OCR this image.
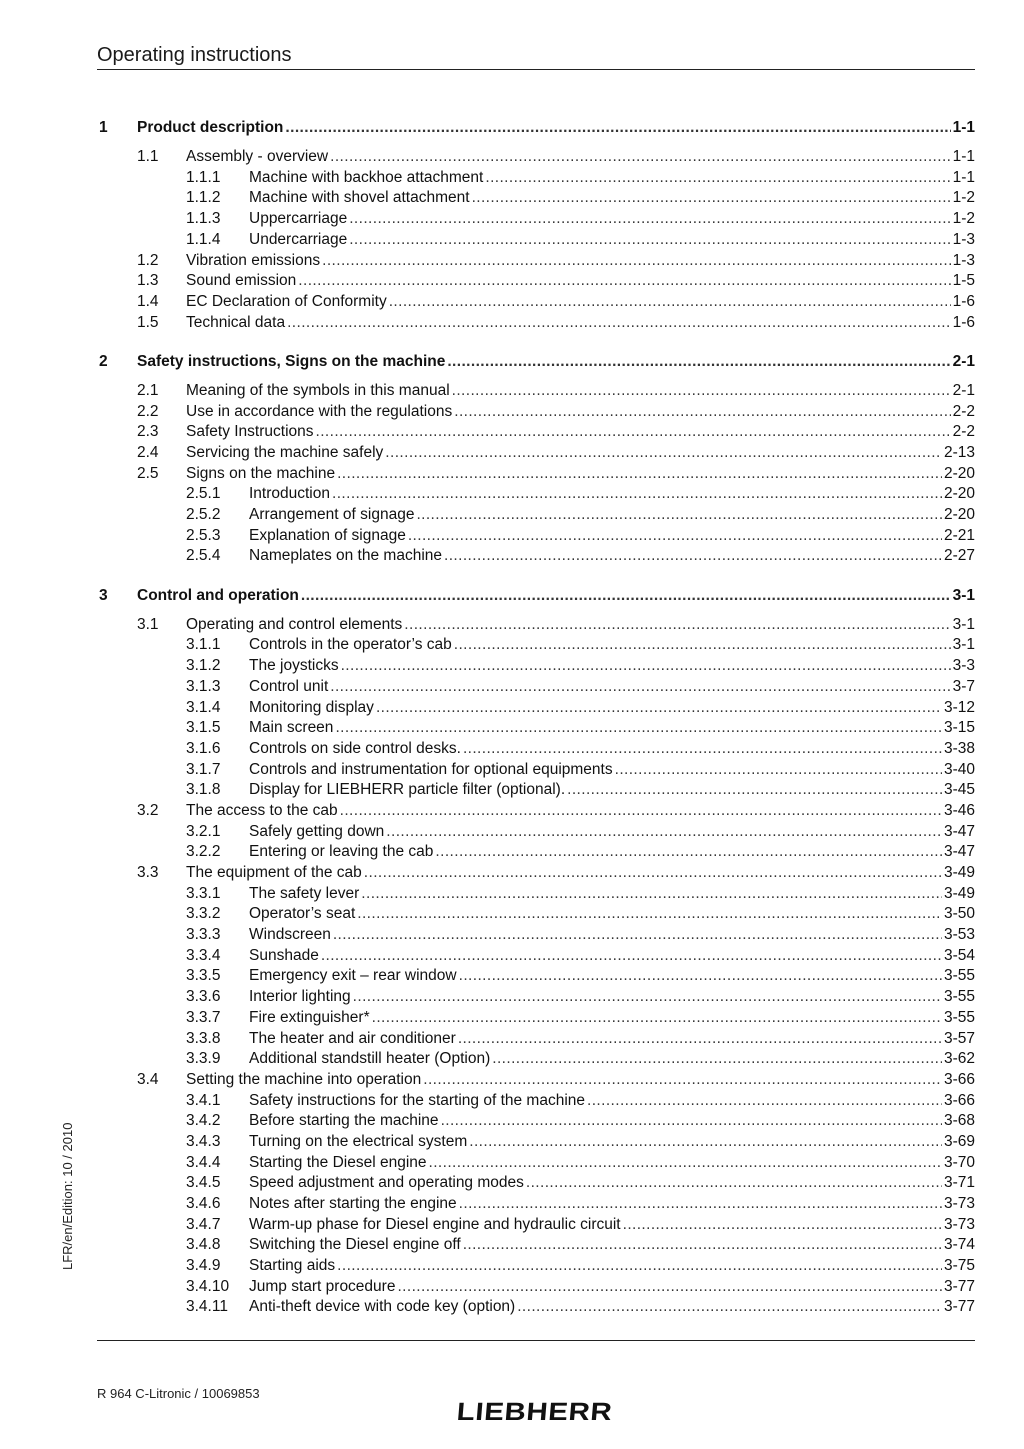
Operating instructions
1 Product description .....	1-1
1.1 Assembly - overview .....	1-1
1.1.1 Machine with backhoe attachment .....	1-1
1.1.2 Machine with shovel attachment .....	1-2
1.1.3 Uppercarriage .....	1-2
1.1.4 Undercarriage .....	1-3
1.2 Vibration emissions .....	1-3
1.3 Sound emission .....	1-5
1.4 EC Declaration of Conformity .....	1-6
1.5 Technical data .....	1-6
2 Safety instructions, Signs on the machine .....	2-1
2.1 Meaning of the symbols in this manual .....	2-1
2.2 Use in accordance with the regulations .....	2-2
2.3 Safety Instructions .....	2-2
2.4 Servicing the machine safely .....	2-13
2.5 Signs on the machine .....	2-20
2.5.1 Introduction .....	2-20
2.5.2 Arrangement of signage .....	2-20
2.5.3 Explanation of signage .....	2-21
2.5.4 Nameplates on the machine .....	2-27
3 Control and operation .....	3-1
3.1 Operating and control elements .....	3-1
3.1.1 Controls in the operator’s cab .....	3-1
3.1.2 The joysticks .....	3-3
3.1.3 Control unit .....	3-7
3.1.4 Monitoring display .....	3-12
3.1.5 Main screen .....	3-15
3.1.6 Controls on side control desks. .....	3-38
3.1.7 Controls and instrumentation for optional equipments .....	3-40
3.1.8 Display for LIEBHERR particle filter (optional). .....	3-45
3.2 The access to the cab .....	3-46
3.2.1 Safely getting down .....	3-47
3.2.2 Entering or leaving the cab .....	3-47
3.3 The equipment of the cab .....	3-49
3.3.1 The safety lever .....	3-49
3.3.2 Operator’s seat .....	3-50
3.3.3 Windscreen .....	3-53
3.3.4 Sunshade .....	3-54
3.3.5 Emergency exit – rear window .....	3-55
3.3.6 Interior lighting .....	3-55
3.3.7 Fire extinguisher* .....	3-55
3.3.8 The heater and air conditioner .....	3-57
3.3.9 Additional standstill heater (Option) .....	3-62
3.4 Setting the machine into operation .....	3-66
3.4.1 Safety instructions for the starting of the machine .....	3-66
3.4.2 Before starting the machine .....	3-68
3.4.3 Turning on the electrical system .....	3-69
3.4.4 Starting the Diesel engine .....	3-70
3.4.5 Speed adjustment and operating modes .....	3-71
3.4.6 Notes after starting the engine .....	3-73
3.4.7 Warm-up phase for Diesel engine and hydraulic circuit .....	3-73
3.4.8 Switching the Diesel engine off .....	3-74
3.4.9 Starting aids .....	3-75
3.4.10 Jump start procedure .....	3-77
3.4.11 Anti-theft device with code key (option) .....	3-77
LFR/en/Edition: 10 / 2010
R 964 C-Litronic / 10069853
LIEBHERR
